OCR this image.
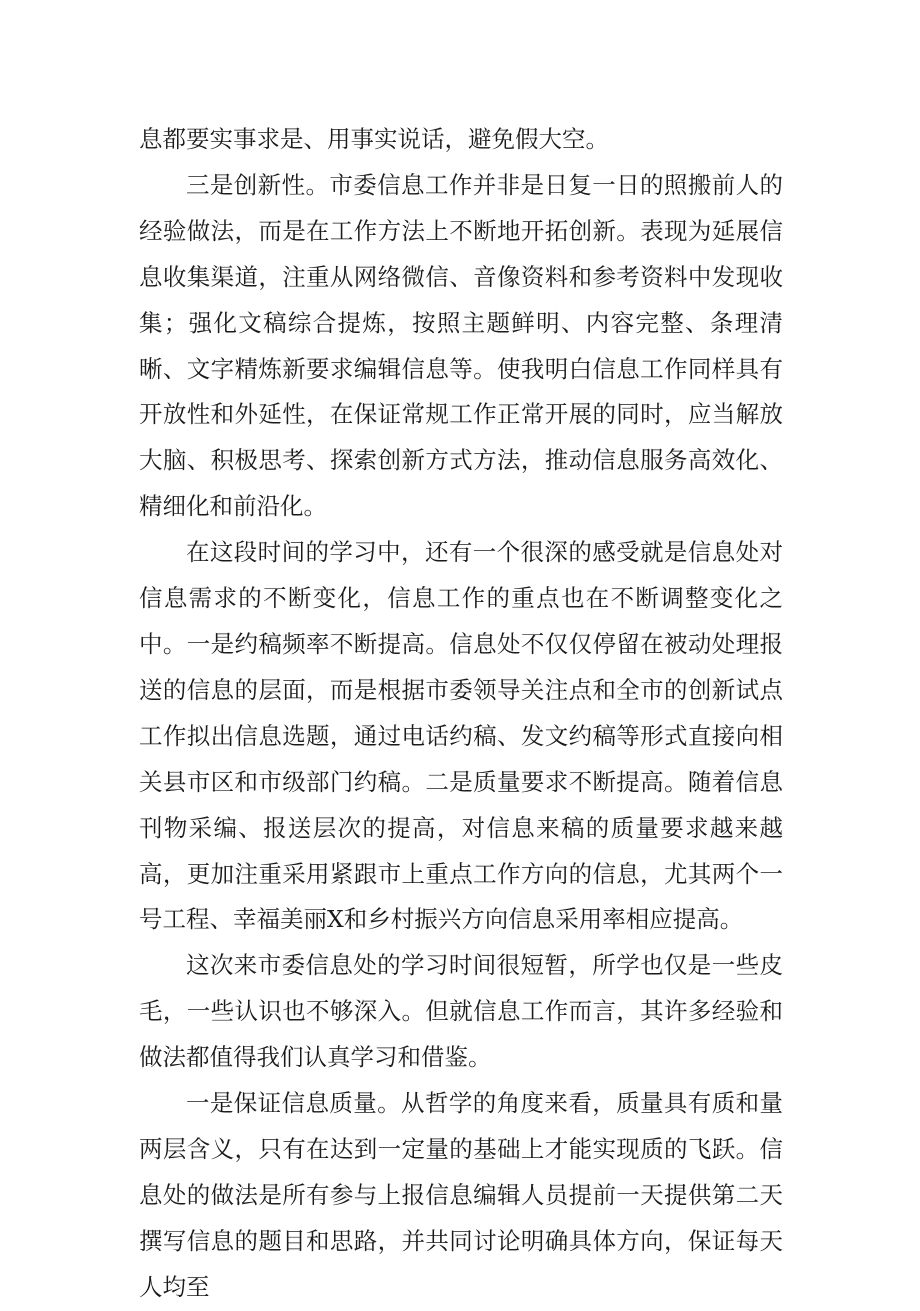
息都要实事求是、用事实说话，避免假大空。

三是创新性。市委信息工作并非是日复一日的照搬前人的经验做法，而是在工作方法上不断地开拓创新。表现为延展信息收集渠道，注重从网络微信、音像资料和参考资料中发现收集；强化文稿综合提炼，按照主题鲜明、内容完整、条理清晰、文字精炼新要求编辑信息等。使我明白信息工作同样具有开放性和外延性，在保证常规工作正常开展的同时，应当解放大脑、积极思考、探索创新方式方法，推动信息服务高效化、精细化和前沿化。

在这段时间的学习中，还有一个很深的感受就是信息处对信息需求的不断变化，信息工作的重点也在不断调整变化之中。一是约稿频率不断提高。信息处不仅仅停留在被动处理报送的信息的层面，而是根据市委领导关注点和全市的创新试点工作拟出信息选题，通过电话约稿、发文约稿等形式直接向相关县市区和市级部门约稿。二是质量要求不断提高。随着信息刊物采编、报送层次的提高，对信息来稿的质量要求越来越高，更加注重采用紧跟市上重点工作方向的信息，尤其两个一号工程、幸福美丽X和乡村振兴方向信息采用率相应提高。

这次来市委信息处的学习时间很短暂，所学也仅是一些皮毛，一些认识也不够深入。但就信息工作而言，其许多经验和做法都值得我们认真学习和借鉴。

一是保证信息质量。从哲学的角度来看，质量具有质和量两层含义，只有在达到一定量的基础上才能实现质的飞跃。信息处的做法是所有参与上报信息编辑人员提前一天提供第二天撰写信息的题目和思路，并共同讨论明确具体方向，保证每天人均至
